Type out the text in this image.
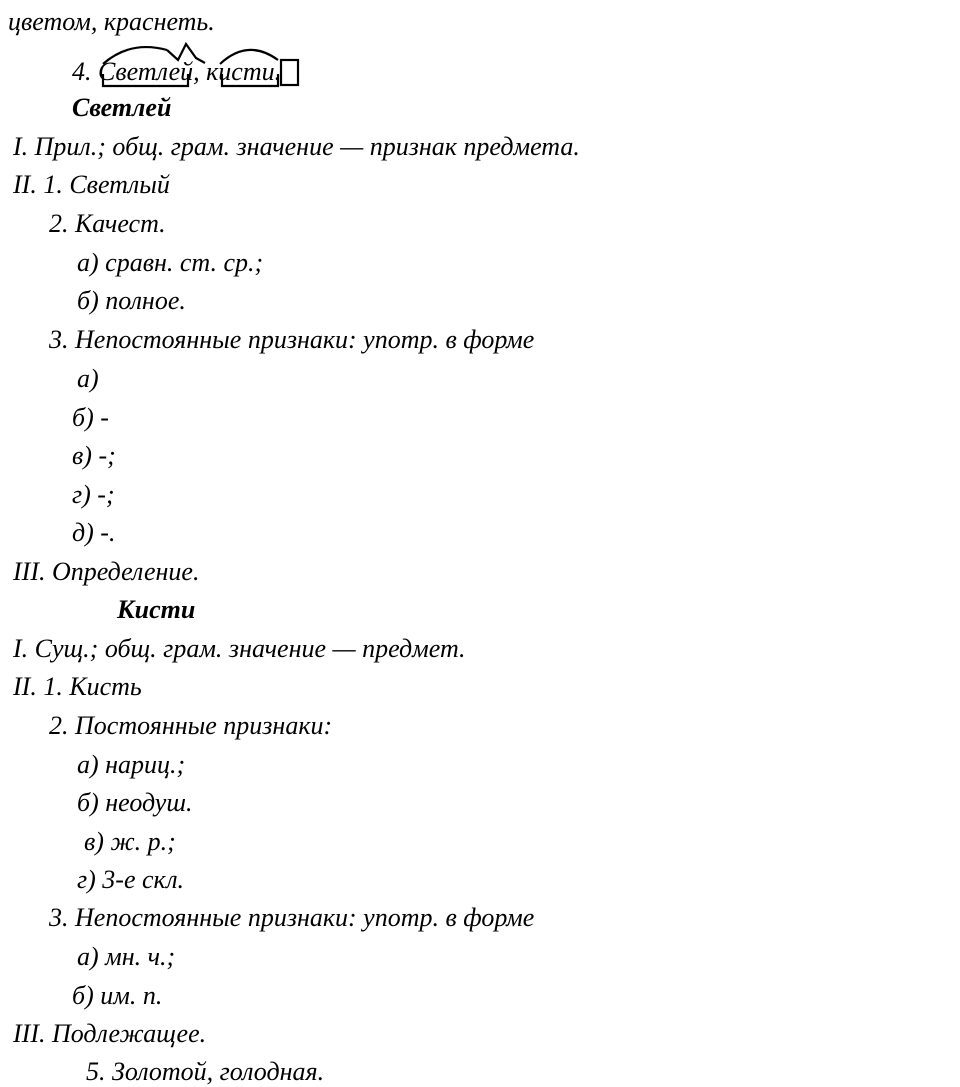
цветом, краснеть.
4. Светлей, кисти.
Светлей
I. Прил.; общ. грам. значение — признак предмета.
II. 1. Светлый
2. Качест.
а) сравн. ст. ср.;
б) полное.
3. Непостоянные признаки: употр. в форме
а)
б) -
в) -;
г) -;
д) -.
III. Определение.
Кисти
I. Сущ.; общ. грам. значение — предмет.
II. 1. Кисть
2. Постоянные признаки:
а) нариц.;
б) неодуш.
в) ж. р.;
г) 3-е скл.
3. Непостоянные признаки: употр. в форме
а) мн. ч.;
б) им. п.
III. Подлежащее.
5. Золотой, голодная.
